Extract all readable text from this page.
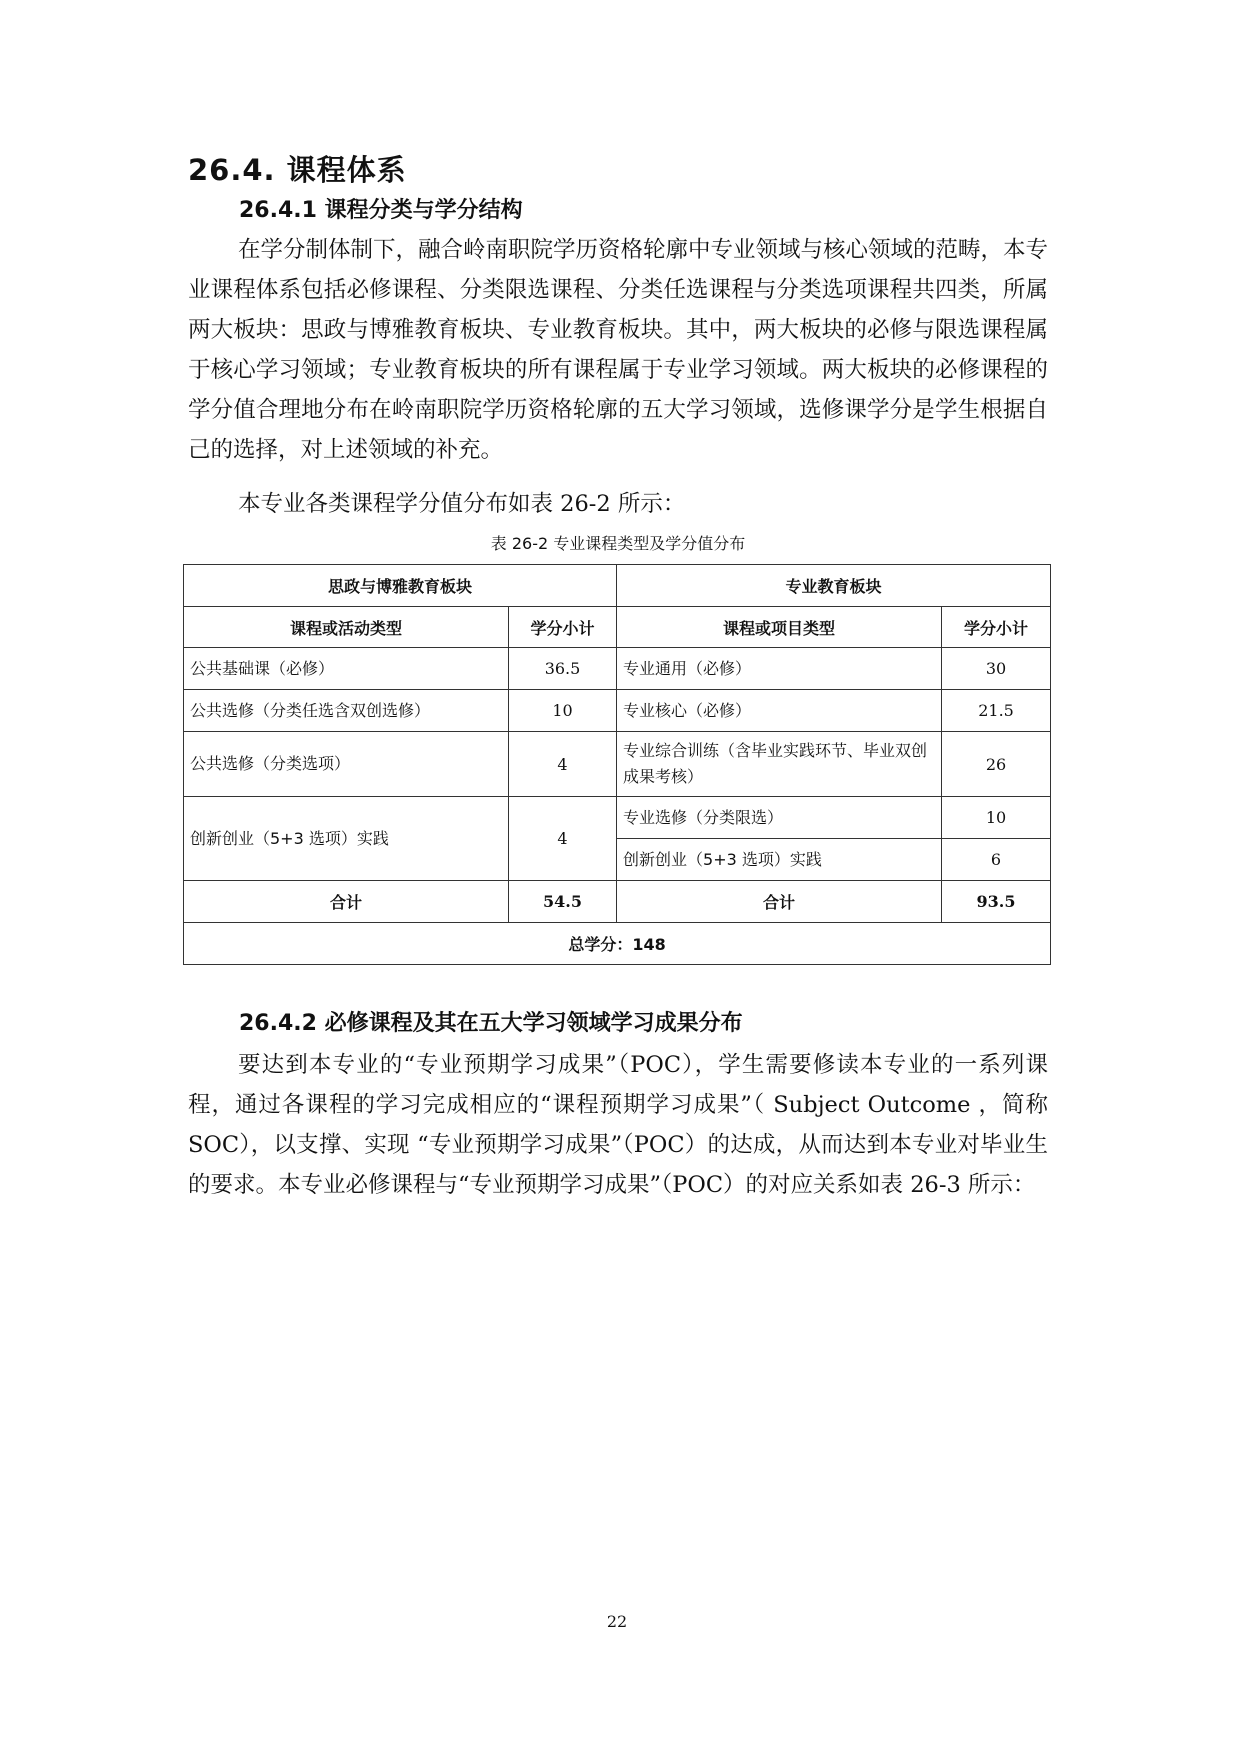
26.4. 课程体系
26.4.1 课程分类与学分结构

在学分制体制下，融合岭南职院学历资格轮廓中专业领域与核心领域的范畴，本专业课程体系包括必修课程、分类限选课程、分类任选课程与分类选项课程共四类，所属两大板块：思政与博雅教育板块、专业教育板块。其中，两大板块的必修与限选课程属于核心学习领域；专业教育板块的所有课程属于专业学习领域。两大板块的必修课程的学分值合理地分布在岭南职院学历资格轮廓的五大学习领域，选修课学分是学生根据自己的选择，对上述领域的补充。

本专业各类课程学分值分布如表 26-2 所示：

表 26-2 专业课程类型及学分值分布
思政与博雅教育板块		专业教育板块	
课程或活动类型	学分小计	课程或项目类型	学分小计
公共基础课（必修）	36.5	专业通用（必修）	30
公共选修（分类任选含双创选修）	10	专业核心（必修）	21.5
公共选修（分类选项）	4	专业综合训练（含毕业实践环节、毕业双创成果考核）	26
创新创业（5+3 选项）实践	4	专业选修（分类限选）	10
		创新创业（5+3 选项）实践	6
合计	54.5	合计	93.5
总学分：148			
26.4.2 必修课程及其在五大学习领域学习成果分布

要达到本专业的“专业预期学习成果”（POC），学生需要修读本专业的一系列课程，通过各课程的学习完成相应的“课程预期学习成果”（ Subject Outcome ，简称 SOC），以支撑、实现 “专业预期学习成果”（POC）的达成，从而达到本专业对毕业生的要求。本专业必修课程与“专业预期学习成果”（POC）的对应关系如表 26-3 所示：

22
